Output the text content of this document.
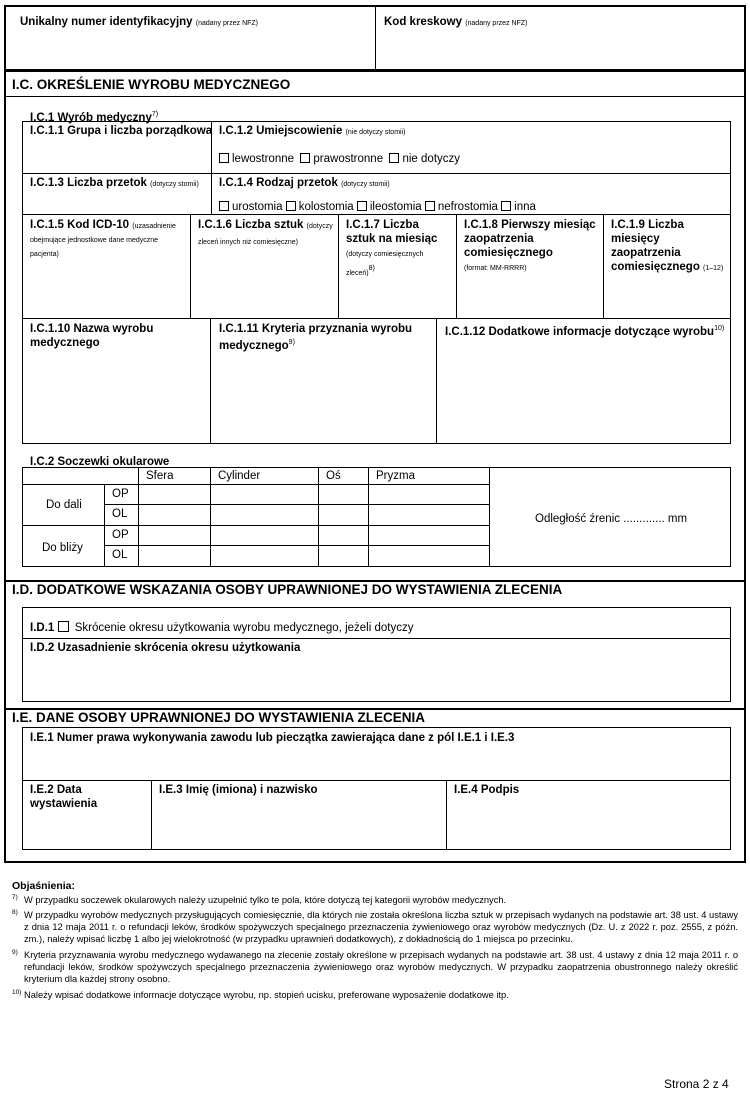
Unikalny numer identyfikacyjny (nadany przez NFZ)	Kod kreskowy (nadany przez NFZ)
I.C. OKREŚLENIE WYROBU MEDYCZNEGO
I.C.1 Wyrób medyczny$^{7)}$
I.C.1.1 Grupa i liczba porządkowa I.C.1.2 Umiejscowienie (nie dotyczy stomii)
lewostronne prawostronne nie dotyczy
I.C.1.3 Liczba przetok (dotyczy stomii) I.C.1.4 Rodzaj przetok (dotyczy stomii)
urostomia kolostomia ileostomia nefrostomia inna
I.C.1.5 Kod ICD-10 (uzasadnienie obejmujące jednostkowe dane medyczne pacjenta)
I.C.1.6 Liczba sztuk (dotyczy zleceń innych niż comiesięczne)
I.C.1.7 Liczba sztuk na miesiąc (dotyczy comiesięcznych zleceń)$^{8)}$
I.C.1.8 Pierwszy miesiąc zaopatrzenia comiesięcznego
(format: MM-RRRR)
I.C.1.9 Liczba miesięcy zaopatrzenia comiesięcznego (1–12)
I.C.1.10 Nazwa wyrobu medycznego
I.C.1.11 Kryteria przyznania wyrobu medycznego$^{9)}$
I.C.1.12 Dodatkowe informacje dotyczące wyrobu$^{10)}$
I.C.2 Soczewki okularowe
Sfera	Cylinder	Oś	Pryzma
Do dali
OP
OL
Do bliży
OP
OL
Odległość źrenic ............. mm
I.D. DODATKOWE WSKAZANIA OSOBY UPRAWNIONEJ DO WYSTAWIENIA ZLECENIA
I.D.1 Skrócenie okresu użytkowania wyrobu medycznego, jeżeli dotyczy
I.D.2 Uzasadnienie skrócenia okresu użytkowania
I.E. DANE OSOBY UPRAWNIONEJ DO WYSTAWIENIA ZLECENIA
I.E.1 Numer prawa wykonywania zawodu lub pieczątka zawierająca dane z pól I.E.1 i I.E.3
I.E.2 Data wystawienia
I.E.3 Imię (imiona) i nazwisko	I.E.4 Podpis
Objaśnienia:
7) W przypadku soczewek okularowych należy uzupełnić tylko te pola, które dotyczą tej kategorii wyrobów medycznych.
8) W przypadku wyrobów medycznych przysługujących comiesięcznie, dla których nie została określona liczba sztuk w przepisach wydanych na podstawie art. 38 ust. 4 ustawy z dnia 12 maja 2011 r. o refundacji leków, środków spożywczych specjalnego przeznaczenia żywieniowego oraz wyrobów medycznych (Dz. U. z 2022 r. poz. 2555, z późn. zm.), należy wpisać liczbę 1 albo jej wielokrotność (w przypadku uprawnień dodatkowych), z dokładnością do 1 miejsca po przecinku.
9) Kryteria przyznawania wyrobu medycznego wydawanego na zlecenie zostały określone w przepisach wydanych na podstawie art. 38 ust. 4 ustawy z dnia 12 maja 2011 r. o refundacji leków, środków spożywczych specjalnego przeznaczenia żywieniowego oraz wyrobów medycznych. W przypadku zaopatrzenia obustronnego należy określić kryterium dla każdej strony osobno.
10) Należy wpisać dodatkowe informacje dotyczące wyrobu, np. stopień ucisku, preferowane wyposażenie dodatkowe itp.
Strona 2 z 4
